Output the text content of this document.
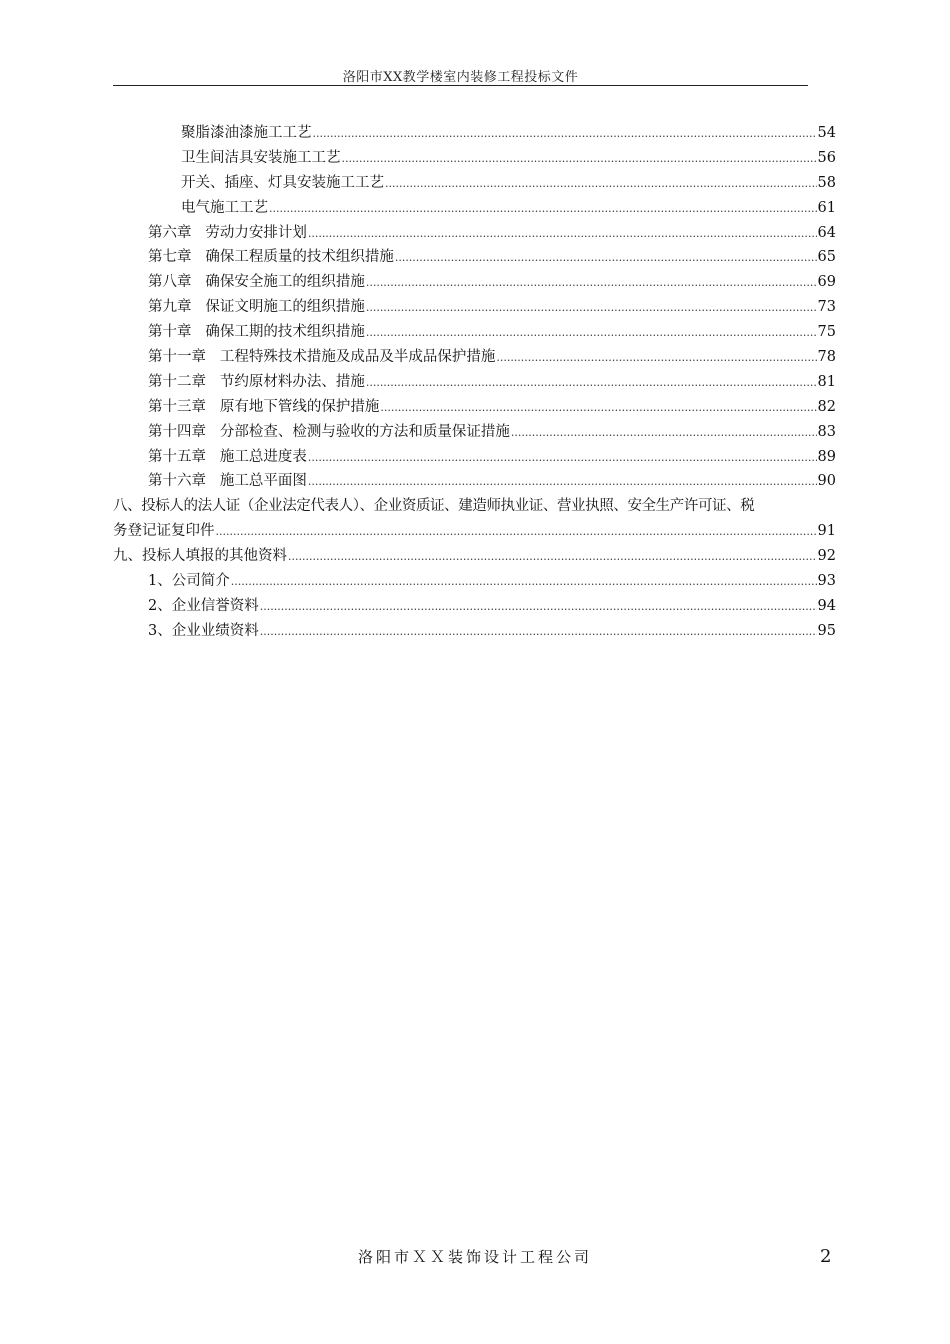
洛阳市XX教学楼室内装修工程投标文件
聚脂漆油漆施工工艺 .....	54
卫生间洁具安装施工工艺 .....	56
开关、插座、灯具安装施工工艺 .....	58
电气施工工艺 .....	61
第六章   劳动力安排计划 .....	64
第七章   确保工程质量的技术组织措施 .....	65
第八章   确保安全施工的组织措施 .....	69
第九章   保证文明施工的组织措施 .....	73
第十章   确保工期的技术组织措施 .....	75
第十一章   工程特殊技术措施及成品及半成品保护措施 .....	78
第十二章   节约原材料办法、措施 .....	81
第十三章   原有地下管线的保护措施 .....	82
第十四章   分部检查、检测与验收的方法和质量保证措施 .....	83
第十五章   施工总进度表 .....	89
第十六章   施工总平面图 .....	90
八、投标人的法人证（企业法定代表人）、企业资质证、建造师执业证、营业执照、安全生产许可证、税
务登记证复印件 .....	91
九、投标人填报的其他资料 .....	92
1、公司简介 .....	93
2、企业信誉资料 .....	94
3、企业业绩资料 .....	95
洛阳市ＸＸ装饰设计工程公司	2
